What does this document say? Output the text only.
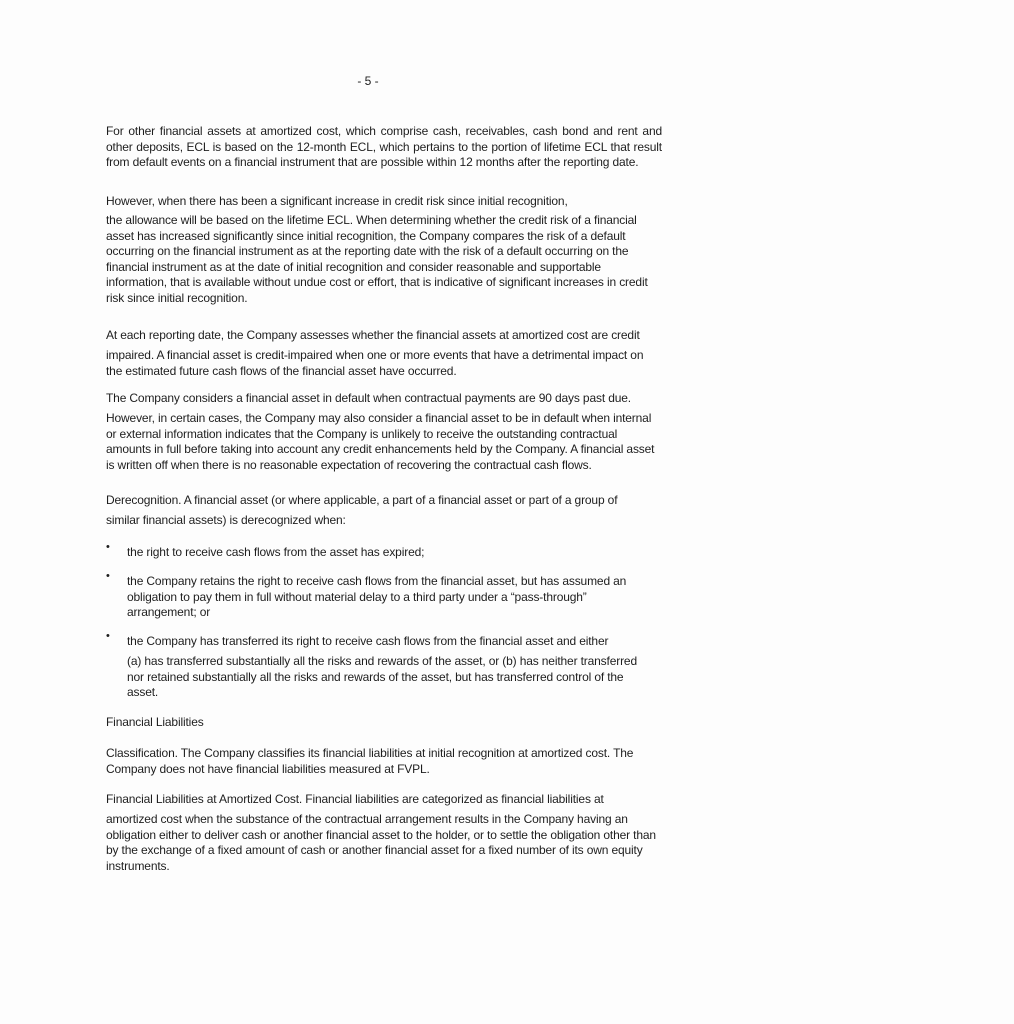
- 5 -

For other financial assets at amortized cost, which comprise cash, receivables, cash bond and rent and other deposits, ECL is based on the 12-month ECL, which pertains to the portion of lifetime ECL that result from default events on a financial instrument that are possible within 12 months after the reporting date.

However, when there has been a significant increase in credit risk since initial recognition,

the allowance will be based on the lifetime ECL. When determining whether the credit risk of a financial asset has increased significantly since initial recognition, the Company compares the risk of a default occurring on the financial instrument as at the reporting date with the risk of a default occurring on the financial instrument as at the date of initial recognition and consider reasonable and supportable information, that is available without undue cost or effort, that is indicative of significant increases in credit risk since initial recognition.

At each reporting date, the Company assesses whether the financial assets at amortized cost are credit

impaired. A financial asset is credit-impaired when one or more events that have a detrimental impact on the estimated future cash flows of the financial asset have occurred.

The Company considers a financial asset in default when contractual payments are 90 days past due.

However, in certain cases, the Company may also consider a financial asset to be in default when internal or external information indicates that the Company is unlikely to receive the outstanding contractual amounts in full before taking into account any credit enhancements held by the Company. A financial asset is written off when there is no reasonable expectation of recovering the contractual cash flows.

Derecognition. A financial asset (or where applicable, a part of a financial asset or part of a group of

similar financial assets) is derecognized when:

• the right to receive cash flows from the asset has expired;

• the Company retains the right to receive cash flows from the financial asset, but has assumed an obligation to pay them in full without material delay to a third party under a “pass-through” arrangement; or

• the Company has transferred its right to receive cash flows from the financial asset and either

(a) has transferred substantially all the risks and rewards of the asset, or (b) has neither transferred nor retained substantially all the risks and rewards of the asset, but has transferred control of the asset.

Financial Liabilities

Classification. The Company classifies its financial liabilities at initial recognition at amortized cost. The Company does not have financial liabilities measured at FVPL.

Financial Liabilities at Amortized Cost. Financial liabilities are categorized as financial liabilities at

amortized cost when the substance of the contractual arrangement results in the Company having an obligation either to deliver cash or another financial asset to the holder, or to settle the obligation other than by the exchange of a fixed amount of cash or another financial asset for a fixed number of its own equity instruments.
